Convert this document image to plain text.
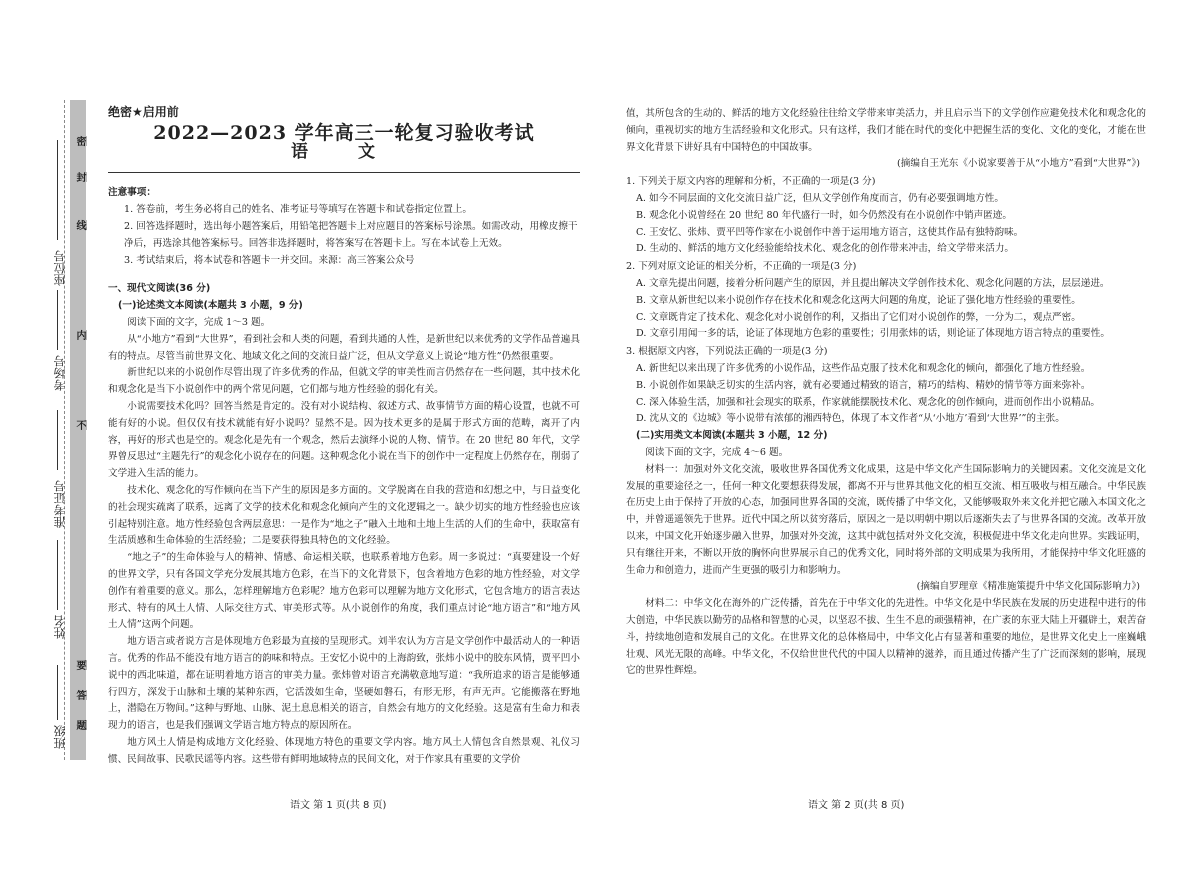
密
封
线
内
不
要
答
题
座位号
考场号
准考证号
姓名
班级
绝密★启用前
2022—2023 学年高三一轮复习验收考试
语 文
注意事项：
1. 答卷前，考生务必将自己的姓名、准考证号等填写在答题卡和试卷指定位置上。
2. 回答选择题时，选出每小题答案后，用铅笔把答题卡上对应题目的答案标号涂黑。如需改动，用橡皮擦干净后，再选涂其他答案标号。回答非选择题时，将答案写在答题卡上。写在本试卷上无效。
3. 考试结束后，将本试卷和答题卡一并交回。来源：高三答案公众号
一、现代文阅读(36 分)
(一)论述类文本阅读(本题共 3 小题，9 分)
阅读下面的文字，完成 1～3 题。
从“小地方”看到“大世界”，看到社会和人类的问题，看到共通的人性，是新世纪以来优秀的文学作品普遍具有的特点。尽管当前世界文化、地域文化之间的交流日益广泛，但从文学意义上说论“地方性”仍然很重要。
新世纪以来的小说创作尽管出现了许多优秀的作品，但就文学的审美性而言仍然存在一些问题，其中技术化和观念化是当下小说创作中的两个常见问题，它们都与地方性经验的弱化有关。
小说需要技术化吗？回答当然是肯定的。没有对小说结构、叙述方式、故事情节方面的精心设置，也就不可能有好的小说。但仅仅有技术就能有好小说吗？显然不是。因为技术更多的是属于形式方面的范畴，离开了内容，再好的形式也是空的。观念化是先有一个观念，然后去演绎小说的人物、情节。在 20 世纪 80 年代，文学界曾反思过“主题先行”的观念化小说存在的问题。这种观念化小说在当下的创作中一定程度上仍然存在，削弱了文学进入生活的能力。
技术化、观念化的写作倾向在当下产生的原因是多方面的。文学脱离在自我的营造和幻想之中，与日益变化的社会现实疏离了联系，远离了文学的技术化和观念化倾向产生的文化逻辑之一。缺少切实的地方性经验也应该引起特别注意。地方性经验包含两层意思：一是作为“地之子”融入土地和土地上生活的人们的生命中，获取富有生活质感和生命体验的生活经验；二是要获得独具特色的文化经验。
“地之子”的生命体验与人的精神、情感、命运相关联，也联系着地方色彩。周一多说过：“真要建设一个好的世界文学，只有各国文学充分发展其地方色彩，在当下的文化背景下，包含着地方色彩的地方性经验，对文学创作有着重要的意义。那么，怎样理解地方色彩呢？地方色彩可以理解为地方文化形式，它包含地方的语言表达形式、特有的风土人情、人际交往方式、审美形式等。从小说创作的角度，我们重点讨论“地方语言”和“地方风土人情”这两个问题。
地方语言或者说方言是体现地方色彩最为直接的呈现形式。刘半农认为方言是文学创作中最活动人的一种语言。优秀的作品不能没有地方语言的韵味和特点。王安忆小说中的上海韵致，张炜小说中的胶东风情，贾平凹小说中的西北味道，都在证明着地方语言的审美力量。张炜曾对语言充满敬意地写道：“我所追求的语言是能够通行四方，深发于山脉和土壤的某种东西，它活泼如生命，坚硬如磐石，有形无形，有声无声。它能搬落在野地上，潜隐在万物间。”这种与野地、山脉、泥土息息相关的语言，自然会有地方的文化经验。这是富有生命力和表现力的语言，也是我们强调文学语言地方特点的原因所在。
地方风土人情是构成地方文化经验、体现地方特色的重要文学内容。地方风土人情包含自然景观、礼仪习惯、民间故事、民歌民谣等内容。这些带有鲜明地域特点的民间文化，对于作家具有重要的文学价
语文 第 1 页(共 8 页)
值，其所包含的生动的、鲜活的地方文化经验往往给文学带来审美活力，并且启示当下的文学创作应避免技术化和观念化的倾向，重视切实的地方生活经验和文化形式。只有这样，我们才能在时代的变化中把握生活的变化、文化的变化，才能在世界文化背景下讲好具有中国特色的中国故事。
(摘编自王光东《小说家要善于从“小地方”看到“大世界”》)
1. 下列关于原文内容的理解和分析，不正确的一项是(3 分)
A. 如今不同层面的文化交流日益广泛，但从文学创作角度而言，仍有必要强调地方性。
B. 观念化小说曾经在 20 世纪 80 年代盛行一时，如今仍然没有在小说创作中销声匿迹。
C. 王安忆、张炜、贾平凹等作家在小说创作中善于运用地方语言，这使其作品有独特韵味。
D. 生动的、鲜活的地方文化经验能给技术化、观念化的创作带来冲击，给文学带来活力。
2. 下列对原文论证的相关分析，不正确的一项是(3 分)
A. 文章先提出问题，接着分析问题产生的原因，并且提出解决文学创作技术化、观念化问题的方法，层层递进。
B. 文章从新世纪以来小说创作存在技术化和观念化这两大问题的角度，论证了强化地方性经验的重要性。
C. 文章既肯定了技术化、观念化对小说创作的利，又指出了它们对小说创作的弊，一分为二，观点严密。
D. 文章引用闻一多的话，论证了体现地方色彩的重要性；引用张炜的话，则论证了体现地方语言特点的重要性。
3. 根据原文内容，下列说法正确的一项是(3 分)
A. 新世纪以来出现了许多优秀的小说作品，这些作品克服了技术化和观念化的倾向，都强化了地方性经验。
B. 小说创作如果缺乏切实的生活内容，就有必要通过精致的语言，精巧的结构、精妙的情节等方面来弥补。
C. 深入体验生活，加强和社会现实的联系，作家就能摆脱技术化、观念化的创作倾向，进而创作出小说精品。
D. 沈从文的《边城》等小说带有浓郁的湘西特色，体现了本文作者“从‘小地方’看到‘大世界’”的主张。
(二)实用类文本阅读(本题共 3 小题，12 分)
阅读下面的文字，完成 4～6 题。
材料一：加强对外文化交流，吸收世界各国优秀文化成果，这是中华文化产生国际影响力的关键因素。文化交流是文化发展的重要途径之一，任何一种文化要想获得发展，都离不开与世界其他文化的相互交流、相互吸收与相互融合。中华民族在历史上由于保持了开放的心态，加强同世界各国的交流，既传播了中华文化，又能够吸取外来文化并把它融入本国文化之中，并曾遥遥领先于世界。近代中国之所以贫穷落后，原因之一是以明朝中期以后逐渐失去了与世界各国的交流。改革开放以来，中国文化开始逐步融入世界，加强对外交流，这其中就包括对外文化交流，积极促进中华文化走向世界。实践证明，只有继往开来，不断以开放的胸怀向世界展示自己的优秀文化，同时将外部的文明成果为我所用，才能保持中华文化旺盛的生命力和创造力，进而产生更强的吸引力和影响力。
(摘编自罗理章《精准施策提升中华文化国际影响力》)
材料二：中华文化在海外的广泛传播，首先在于中华文化的先进性。中华文化是中华民族在发展的历史进程中进行的伟大创造，中华民族以勤劳的品格和智慧的心灵，以坚忍不拔、生生不息的顽强精神，在广袤的东亚大陆上开疆辟土，艰苦奋斗，持续地创造和发展自己的文化。在世界文化的总体格局中，中华文化占有显著和重要的地位，是世界文化史上一座巍峨壮观、风光无限的高峰。中华文化，不仅给世世代代的中国人以精神的滋养，而且通过传播产生了广泛而深刻的影响，展现它的世界性辉煌。
语文 第 2 页(共 8 页)
